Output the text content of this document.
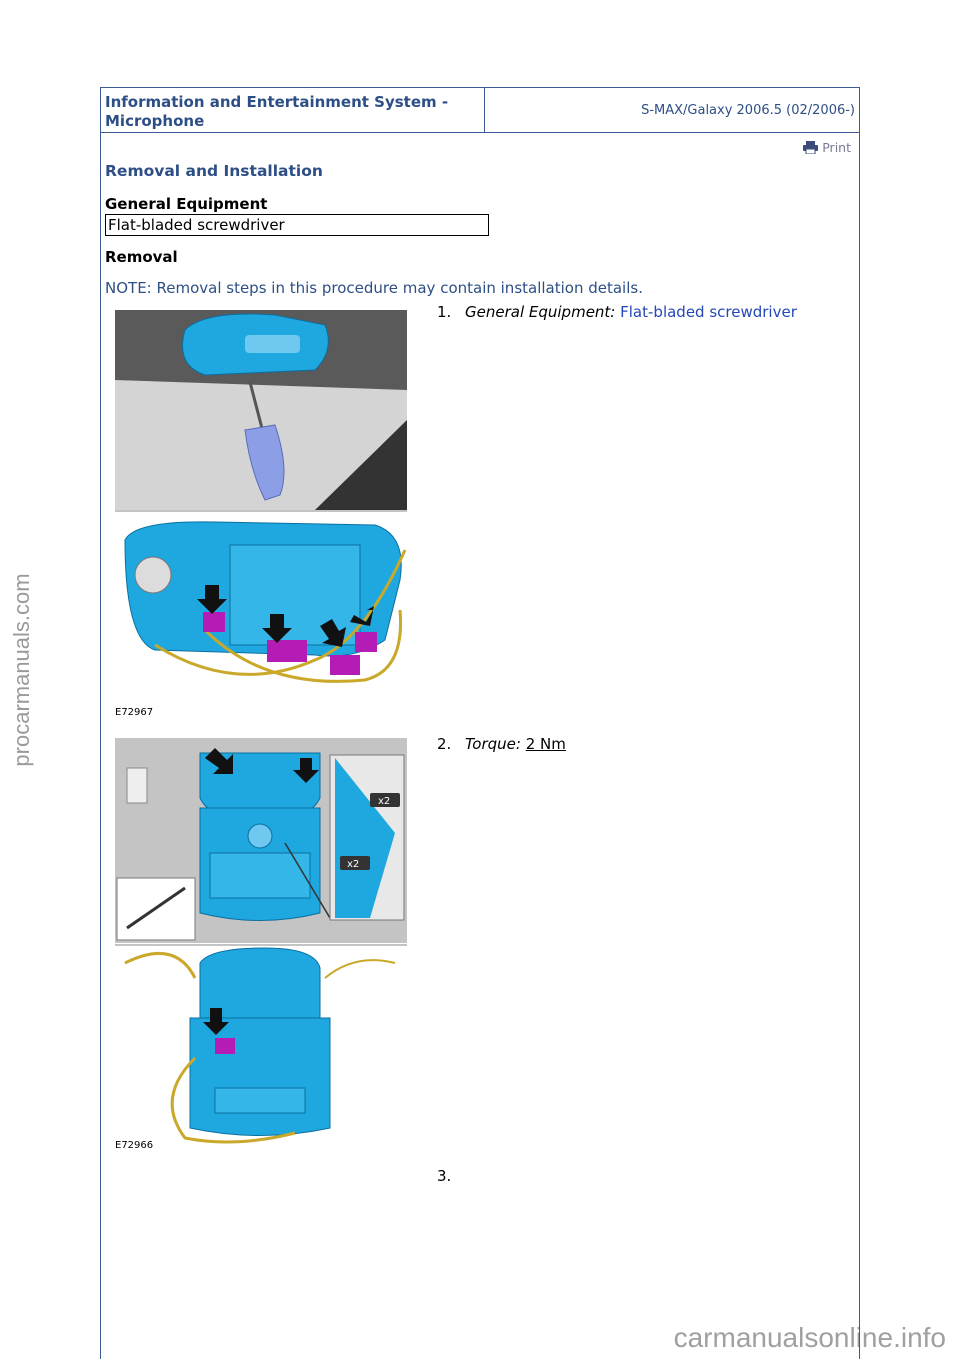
procarmanuals.com
carmanualsonline.info
Information and Entertainment System - Microphone
S-MAX/Galaxy 2006.5 (02/2006-)
Print
Removal and Installation
General Equipment
Flat-bladed screwdriver
Removal
NOTE: Removal steps in this procedure may contain installation details.
E72967
1. General Equipment: Flat-bladed screwdriver
x2
x2
E72966
2. Torque: 2 Nm
3.
